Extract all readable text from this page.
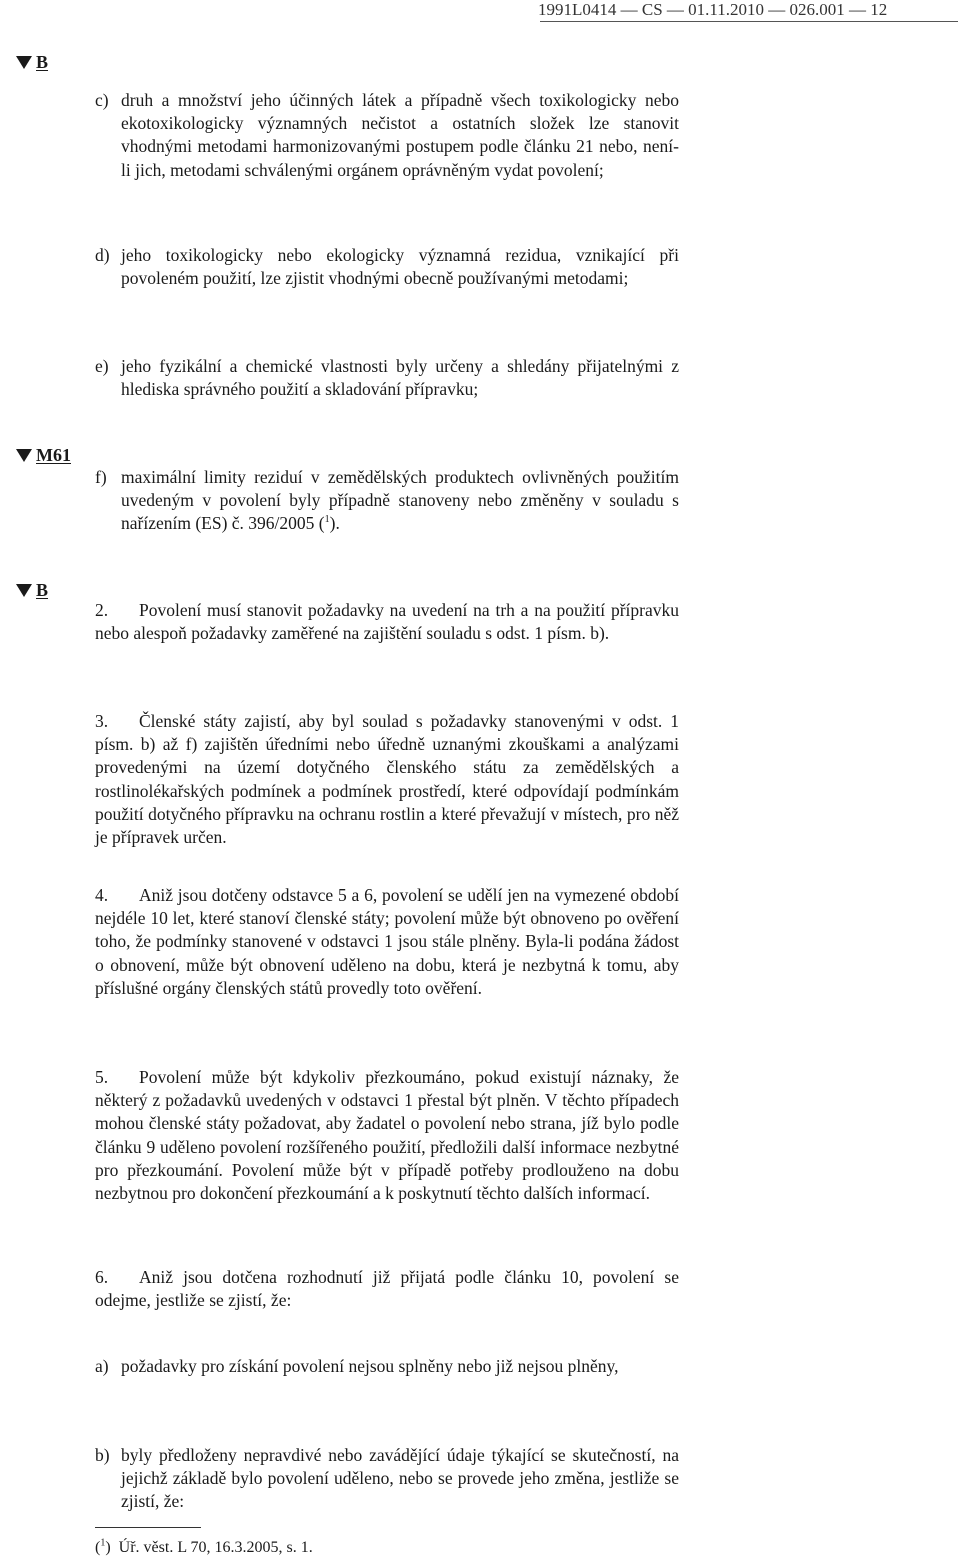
1991L0414 — CS — 01.11.2010 — 026.001 — 12
B
c) druh a množství jeho účinných látek a případně všech toxikologicky nebo ekotoxikologicky významných nečistot a ostatních složek lze stanovit vhodnými metodami harmonizovanými postupem podle článku 21 nebo, není-li jich, metodami schválenými orgánem oprávněným vydat povolení;
d) jeho toxikologicky nebo ekologicky významná rezidua, vznikající při povoleném použití, lze zjistit vhodnými obecně používanými metodami;
e) jeho fyzikální a chemické vlastnosti byly určeny a shledány přijatelnými z hlediska správného použití a skladování přípravku;
M61
f) maximální limity reziduí v zemědělských produktech ovlivněných použitím uvedeným v povolení byly případně stanoveny nebo změněny v souladu s nařízením (ES) č. 396/2005 ($^1$).
B
2. Povolení musí stanovit požadavky na uvedení na trh a na použití přípravku nebo alespoň požadavky zaměřené na zajištění souladu s odst. 1 písm. b).
3. Členské státy zajistí, aby byl soulad s požadavky stanovenými v odst. 1 písm. b) až f) zajištěn úředními nebo úředně uznanými zkouškami a analýzami provedenými na území dotyčného členského státu za zemědělských a rostlinolékařských podmínek a podmínek prostředí, které odpovídají podmínkám použití dotyčného přípravku na ochranu rostlin a které převažují v místech, pro něž je přípravek určen.
4. Aniž jsou dotčeny odstavce 5 a 6, povolení se udělí jen na vymezené období nejdéle 10 let, které stanoví členské státy; povolení může být obnoveno po ověření toho, že podmínky stanovené v odstavci 1 jsou stále plněny. Byla-li podána žádost o obnovení, může být obnovení uděleno na dobu, která je nezbytná k tomu, aby příslušné orgány členských států provedly toto ověření.
5. Povolení může být kdykoliv přezkoumáno, pokud existují náznaky, že některý z požadavků uvedených v odstavci 1 přestal být plněn. V těchto případech mohou členské státy požadovat, aby žadatel o povolení nebo strana, jíž bylo podle článku 9 uděleno povolení rozšířeného použití, předložili další informace nezbytné pro přezkoumání. Povolení může být v případě potřeby prodlouženo na dobu nezbytnou pro dokončení přezkoumání a k poskytnutí těchto dalších informací.
6. Aniž jsou dotčena rozhodnutí již přijatá podle článku 10, povolení se odejme, jestliže se zjistí, že:
a) požadavky pro získání povolení nejsou splněny nebo již nejsou plněny,
b) byly předloženy nepravdivé nebo zavádějící údaje týkající se skutečností, na jejichž základě bylo povolení uděleno, nebo se provede jeho změna, jestliže se zjistí, že:
($^1$)  Úř. věst. L 70, 16.3.2005, s. 1.
